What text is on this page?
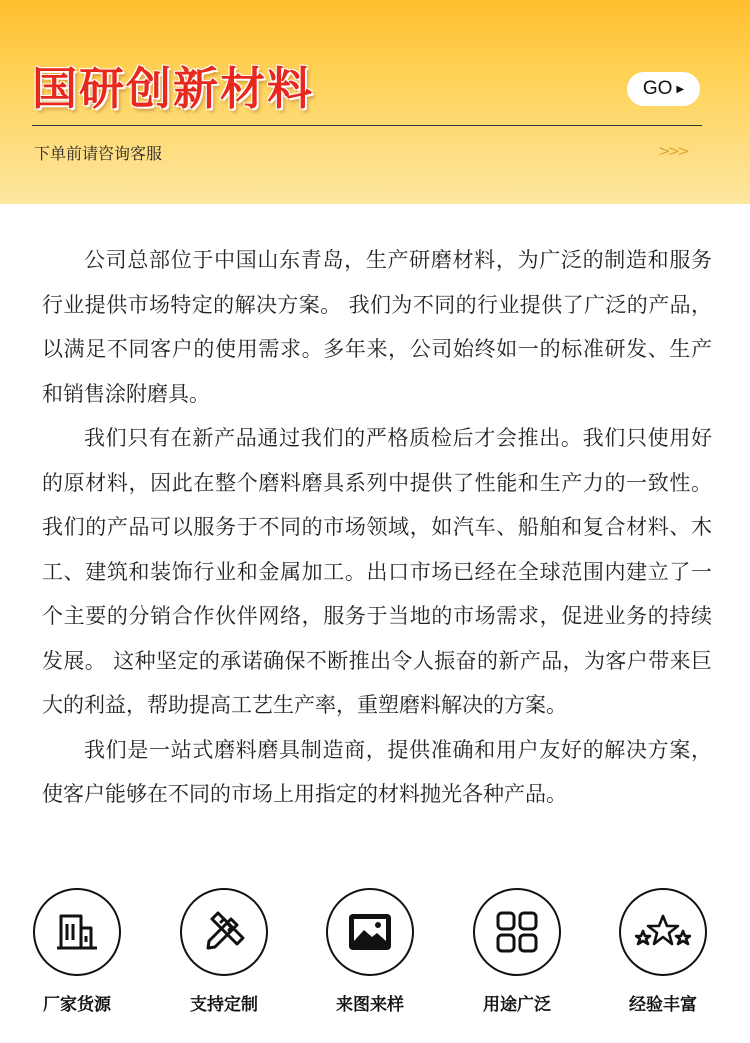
国研创新材料	GO ▶
下单前请咨询客服	>>>

公司总部位于中国山东青岛，生产研磨材料，为广泛的制造和服务行业提供市场特定的解决方案。 我们为不同的行业提供了广泛的产品，以满足不同客户的使用需求。多年来，公司始终如一的标准研发、生产和销售涂附磨具。

我们只有在新产品通过我们的严格质检后才会推出。我们只使用好的原材料，因此在整个磨料磨具系列中提供了性能和生产力的一致性。 我们的产品可以服务于不同的市场领域，如汽车、船舶和复合材料、木工、建筑和装饰行业和金属加工。出口市场已经在全球范围内建立了一个主要的分销合作伙伴网络，服务于当地的市场需求，促进业务的持续发展。 这种坚定的承诺确保不断推出令人振奋的新产品，为客户带来巨大的利益，帮助提高工艺生产率，重塑磨料解决的方案。

我们是一站式磨料磨具制造商，提供准确和用户友好的解决方案，使客户能够在不同的市场上用指定的材料抛光各种产品。

厂家货源	支持定制	来图来样	用途广泛	经验丰富
